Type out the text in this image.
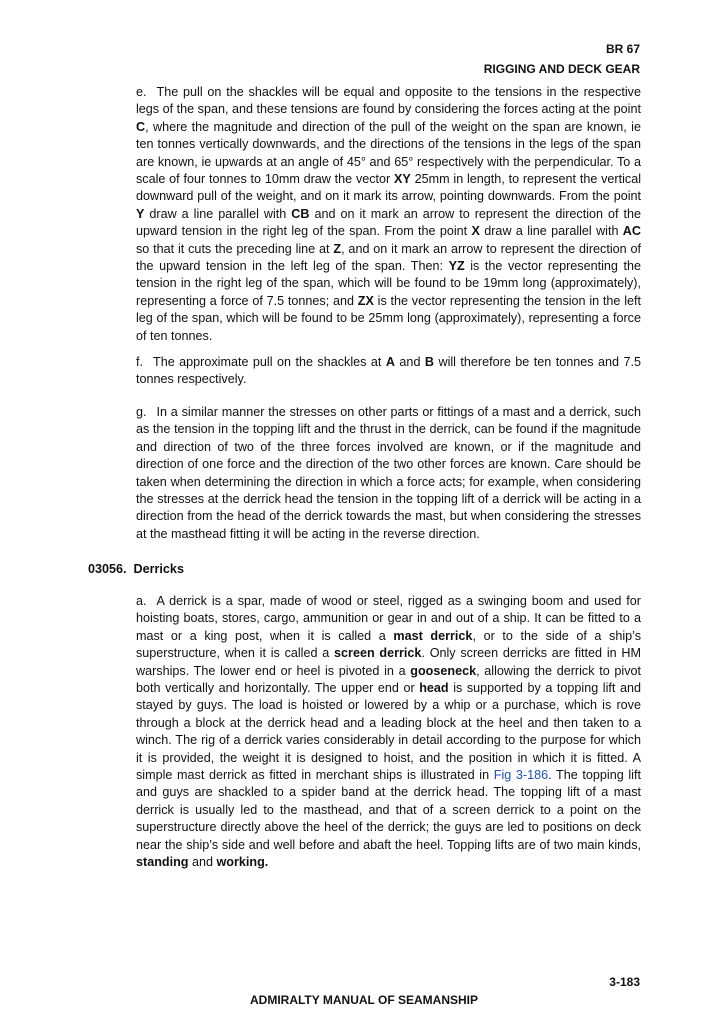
BR 67
RIGGING AND DECK GEAR

e. The pull on the shackles will be equal and opposite to the tensions in the respective legs of the span, and these tensions are found by considering the forces acting at the point C, where the magnitude and direction of the pull of the weight on the span are known, ie ten tonnes vertically downwards, and the directions of the tensions in the legs of the span are known, ie upwards at an angle of 45° and 65° respectively with the perpendicular. To a scale of four tonnes to 10mm draw the vector XY 25mm in length, to represent the vertical downward pull of the weight, and on it mark its arrow, pointing downwards. From the point Y draw a line parallel with CB and on it mark an arrow to represent the direction of the upward tension in the right leg of the span. From the point X draw a line parallel with AC so that it cuts the preceding line at Z, and on it mark an arrow to represent the direction of the upward tension in the left leg of the span. Then: YZ is the vector representing the tension in the right leg of the span, which will be found to be 19mm long (approximately), representing a force of 7.5 tonnes; and ZX is the vector representing the tension in the left leg of the span, which will be found to be 25mm long (approximately), representing a force of ten tonnes.

f. The approximate pull on the shackles at A and B will therefore be ten tonnes and 7.5 tonnes respectively.

g. In a similar manner the stresses on other parts or fittings of a mast and a derrick, such as the tension in the topping lift and the thrust in the derrick, can be found if the magnitude and direction of two of the three forces involved are known, or if the magnitude and direction of one force and the direction of the two other forces are known. Care should be taken when determining the direction in which a force acts; for example, when considering the stresses at the derrick head the tension in the topping lift of a derrick will be acting in a direction from the head of the derrick towards the mast, but when considering the stresses at the masthead fitting it will be acting in the reverse direction.

03056. Derricks

a. A derrick is a spar, made of wood or steel, rigged as a swinging boom and used for hoisting boats, stores, cargo, ammunition or gear in and out of a ship. It can be fitted to a mast or a king post, when it is called a mast derrick, or to the side of a ship’s superstructure, when it is called a screen derrick. Only screen derricks are fitted in HM warships. The lower end or heel is pivoted in a gooseneck, allowing the derrick to pivot both vertically and horizontally. The upper end or head is supported by a topping lift and stayed by guys. The load is hoisted or lowered by a whip or a purchase, which is rove through a block at the derrick head and a leading block at the heel and then taken to a winch. The rig of a derrick varies considerably in detail according to the purpose for which it is provided, the weight it is designed to hoist, and the position in which it is fitted. A simple mast derrick as fitted in merchant ships is illustrated in Fig 3-186. The topping lift and guys are shackled to a spider band at the derrick head. The topping lift of a mast derrick is usually led to the masthead, and that of a screen derrick to a point on the superstructure directly above the heel of the derrick; the guys are led to positions on deck near the ship’s side and well before and abaft the heel. Topping lifts are of two main kinds, standing and working.

3-183
ADMIRALTY MANUAL OF SEAMANSHIP
